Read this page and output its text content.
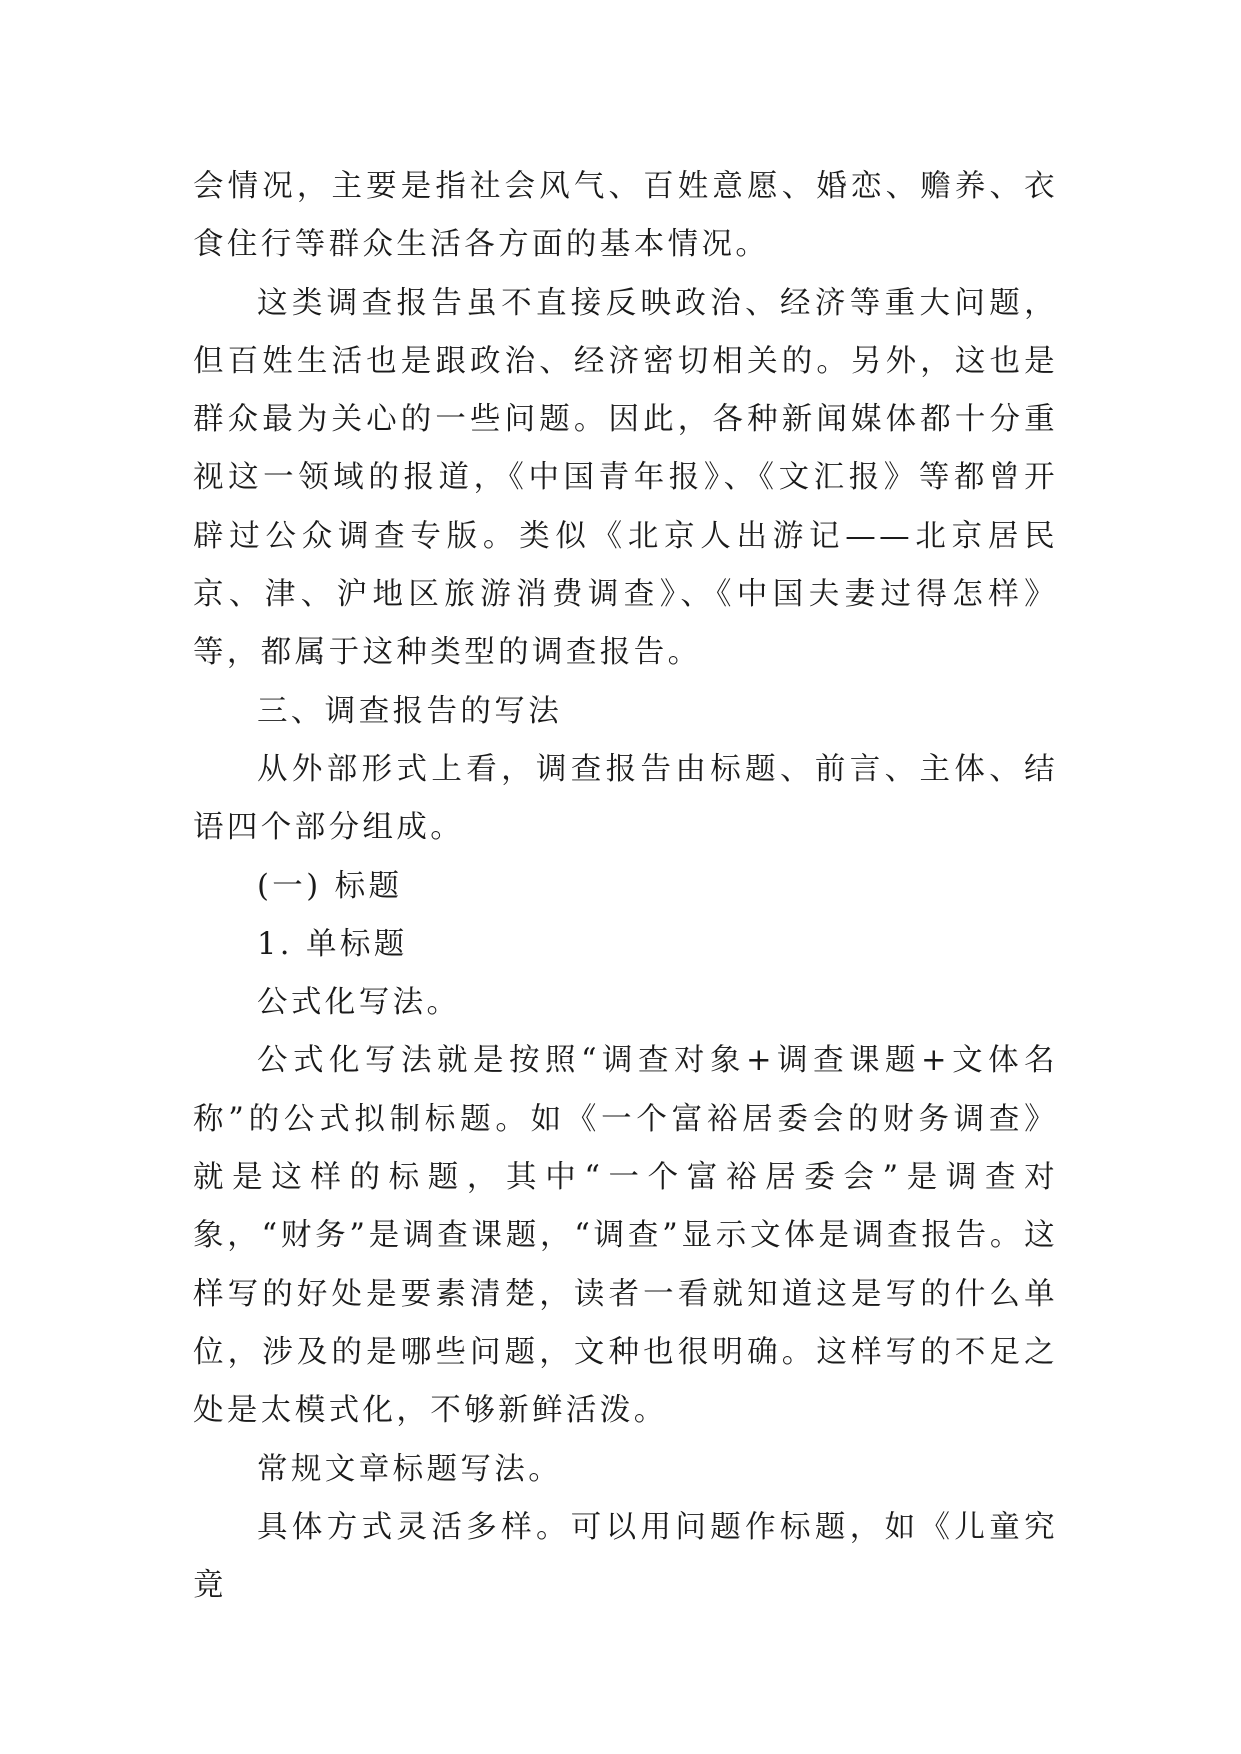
会情况，主要是指社会风气、百姓意愿、婚恋、赡养、衣食住行等群众生活各方面的基本情况。

这类调查报告虽不直接反映政治、经济等重大问题，但百姓生活也是跟政治、经济密切相关的。另外，这也是群众最为关心的一些问题。因此，各种新闻媒体都十分重视这一领域的报道，《中国青年报》、《文汇报》等都曾开辟过公众调查专版。类似《北京人出游记——北京居民京、津、沪地区旅游消费调查》、《中国夫妻过得怎样》等，都属于这种类型的调查报告。

三、调查报告的写法

从外部形式上看，调查报告由标题、前言、主体、结语四个部分组成。

(一) 标题

1. 单标题

公式化写法。

公式化写法就是按照“调查对象+调查课题+文体名称”的公式拟制标题。如《一个富裕居委会的财务调查》就是这样的标题，其中“一个富裕居委会”是调查对象，“财务”是调查课题，“调查”显示文体是调查报告。这样写的好处是要素清楚，读者一看就知道这是写的什么单位，涉及的是哪些问题，文种也很明确。这样写的不足之处是太模式化，不够新鲜活泼。

常规文章标题写法。

具体方式灵活多样。可以用问题作标题，如《儿童究竟
